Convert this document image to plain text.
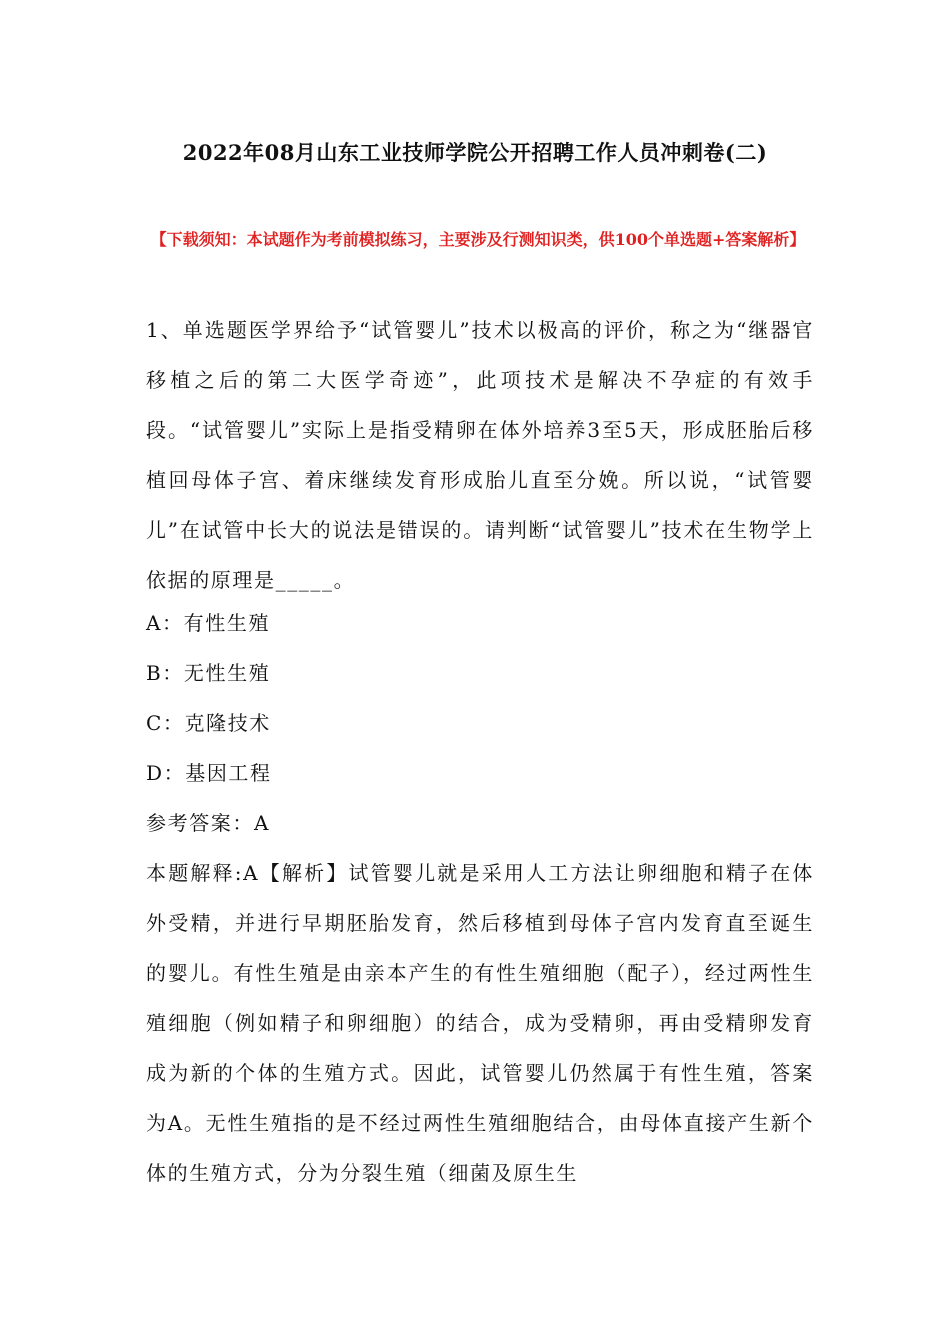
2022年08月山东工业技师学院公开招聘工作人员冲刺卷(二)
【下载须知：本试题作为考前模拟练习，主要涉及行测知识类，供100个单选题+答案解析】
1、单选题医学界给予“试管婴儿”技术以极高的评价，称之为“继器官移植之后的第二大医学奇迹”，此项技术是解决不孕症的有效手段。“试管婴儿”实际上是指受精卵在体外培养3至5天，形成胚胎后移植回母体子宫、着床继续发育形成胎儿直至分娩。所以说，“试管婴儿”在试管中长大的说法是错误的。请判断“试管婴儿”技术在生物学上依据的原理是_____。
A：有性生殖
B：无性生殖
C：克隆技术
D：基因工程
参考答案：A
本题解释:A【解析】试管婴儿就是采用人工方法让卵细胞和精子在体外受精，并进行早期胚胎发育，然后移植到母体子宫内发育直至诞生的婴儿。有性生殖是由亲本产生的有性生殖细胞（配子），经过两性生殖细胞（例如精子和卵细胞）的结合，成为受精卵，再由受精卵发育成为新的个体的生殖方式。因此，试管婴儿仍然属于有性生殖，答案为A。无性生殖指的是不经过两性生殖细胞结合，由母体直接产生新个体的生殖方式，分为分裂生殖（细菌及原生生
